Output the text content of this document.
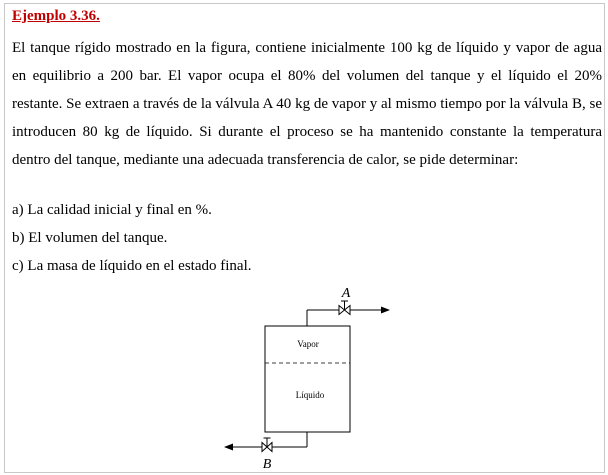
Ejemplo 3.36.

El tanque rígido mostrado en la figura, contiene inicialmente 100 kg de líquido y vapor de agua en equilibrio a 200 bar. El vapor ocupa el 80% del volumen del tanque y el líquido el 20% restante. Se extraen a través de la válvula A 40 kg de vapor y al mismo tiempo por la válvula B, se introducen 80 kg de líquido. Si durante el proceso se ha mantenido constante la temperatura dentro del tanque, mediante una adecuada transferencia de calor, se pide determinar:

a) La calidad inicial y final en %.

b) El volumen del tanque.

c) La masa de líquido en el estado final.

Vapor
Líquido
A
B
